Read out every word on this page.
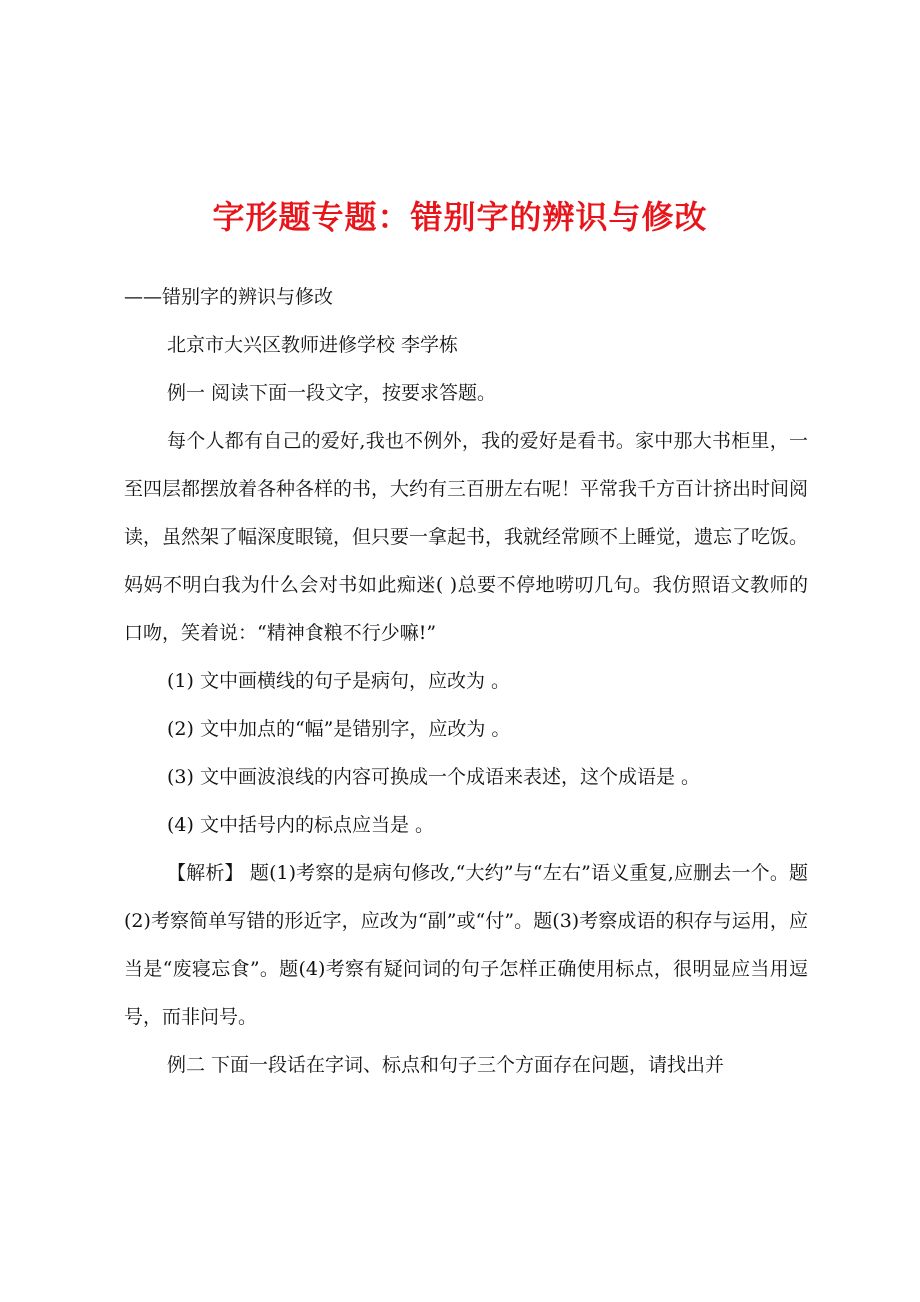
字形题专题：错别字的辨识与修改
——错别字的辨识与修改
北京市大兴区教师进修学校 李学栋
例一 阅读下面一段文字，按要求答题。
每个人都有自己的爱好,我也不例外，我的爱好是看书。家中那大书柜里，一至四层都摆放着各种各样的书，大约有三百册左右呢！平常我千方百计挤出时间阅读，虽然架了幅深度眼镜，但只要一拿起书，我就经常顾不上睡觉，遗忘了吃饭。妈妈不明白我为什么会对书如此痴迷( )总要不停地唠叨几句。我仿照语文教师的口吻，笑着说：“精神食粮不行少嘛!”
(1) 文中画横线的句子是病句，应改为 。
(2) 文中加点的“幅”是错别字，应改为 。
(3) 文中画波浪线的内容可换成一个成语来表述，这个成语是 。
(4) 文中括号内的标点应当是 。
【解析】 题(1)考察的是病句修改,“大约”与“左右”语义重复,应删去一个。题(2)考察简单写错的形近字，应改为“副”或“付”。题(3)考察成语的积存与运用，应当是“废寝忘食”。题(4)考察有疑问词的句子怎样正确使用标点，很明显应当用逗号，而非问号。
例二 下面一段话在字词、标点和句子三个方面存在问题，请找出并
